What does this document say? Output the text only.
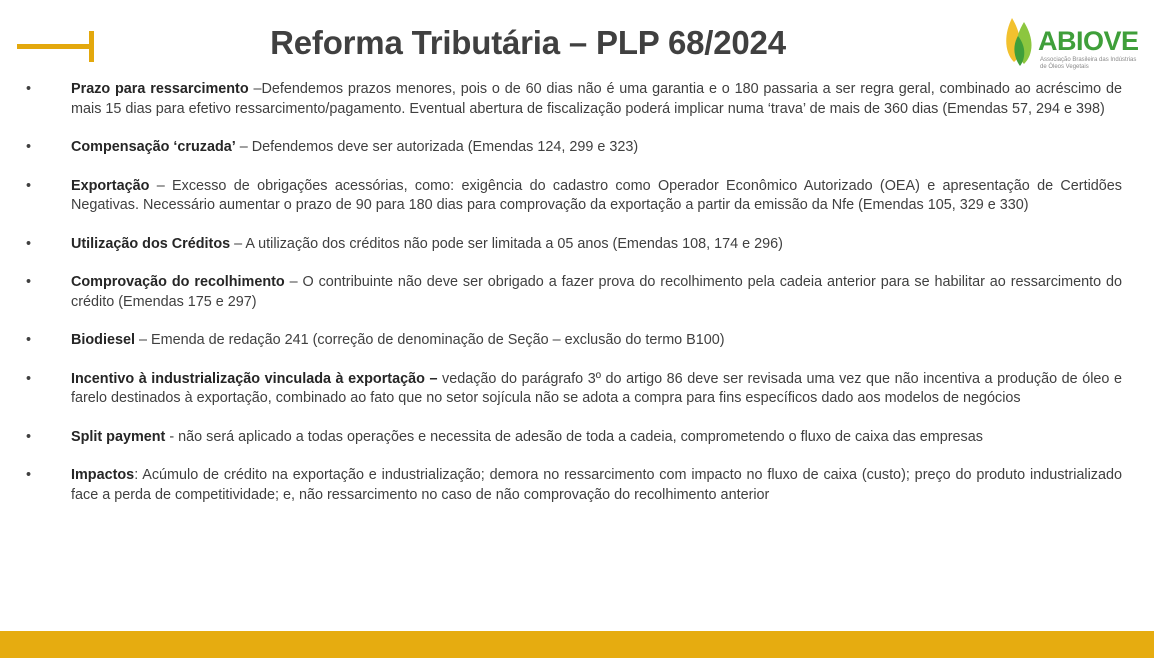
Reforma Tributária – PLP 68/2024	ABIOVE
Associação Brasileira das Indústrias de Óleos Vegetais
•	Prazo para ressarcimento –Defendemos prazos menores, pois o de 60 dias não é uma garantia e o 180 passaria a ser regra geral, combinado ao acréscimo de mais 15 dias para efetivo ressarcimento/pagamento. Eventual abertura de fiscalização poderá implicar numa ‘trava’ de mais de 360 dias (Emendas 57, 294 e 398)
•	Compensação ‘cruzada’ – Defendemos deve ser autorizada (Emendas 124, 299 e 323)
•	Exportação – Excesso de obrigações acessórias, como: exigência do cadastro como Operador Econômico Autorizado (OEA) e apresentação de Certidões Negativas. Necessário aumentar o prazo de 90 para 180 dias para comprovação da exportação a partir da emissão da Nfe (Emendas 105, 329 e 330)
•	Utilização dos Créditos – A utilização dos créditos não pode ser limitada a 05 anos (Emendas 108, 174 e 296)
•	Comprovação do recolhimento – O contribuinte não deve ser obrigado a fazer prova do recolhimento pela cadeia anterior para se habilitar ao ressarcimento do crédito (Emendas 175 e 297)
•	Biodiesel – Emenda de redação 241 (correção de denominação de Seção – exclusão do termo B100)
•	Incentivo à industrialização vinculada à exportação – vedação do parágrafo 3º do artigo 86 deve ser revisada uma vez que não incentiva a produção de óleo e farelo destinados à exportação, combinado ao fato que no setor sojícula não se adota a compra para fins específicos dado aos modelos de negócios
•	Split payment - não será aplicado a todas operações e necessita de adesão de toda a cadeia, comprometendo o fluxo de caixa das empresas
•	Impactos: Acúmulo de crédito na exportação e industrialização; demora no ressarcimento com impacto no fluxo de caixa (custo); preço do produto industrializado face a perda de competitividade; e, não ressarcimento no caso de não comprovação do recolhimento anterior
